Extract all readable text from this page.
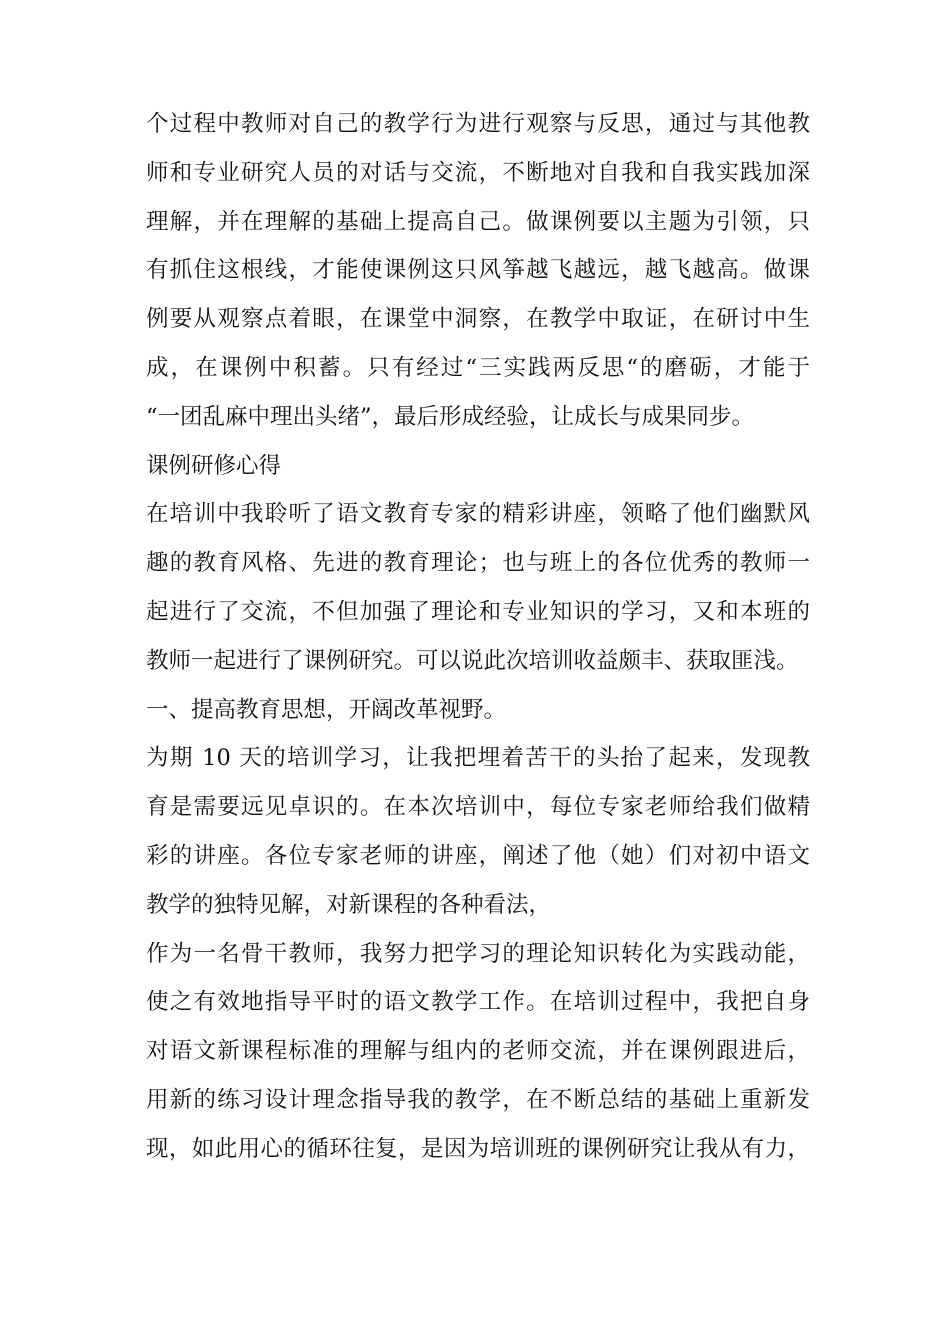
个过程中教师对自己的教学行为进行观察与反思，通过与其他教
师和专业研究人员的对话与交流，不断地对自我和自我实践加深
理解，并在理解的基础上提高自己。做课例要以主题为引领，只
有抓住这根线，才能使课例这只风筝越飞越远，越飞越高。做课
例要从观察点着眼，在课堂中洞察，在教学中取证，在研讨中生
成，在课例中积蓄。只有经过“三实践两反思“的磨砺，才能于
“一团乱麻中理出头绪”，最后形成经验，让成长与成果同步。
课例研修心得
在培训中我聆听了语文教育专家的精彩讲座，领略了他们幽默风
趣的教育风格、先进的教育理论；也与班上的各位优秀的教师一
起进行了交流，不但加强了理论和专业知识的学习，又和本班的
教师一起进行了课例研究。可以说此次培训收益颇丰、获取匪浅。
一、提高教育思想，开阔改革视野。
为期 10 天的培训学习，让我把埋着苦干的头抬了起来，发现教
育是需要远见卓识的。在本次培训中，每位专家老师给我们做精
彩的讲座。各位专家老师的讲座，阐述了他（她）们对初中语文
教学的独特见解，对新课程的各种看法，
作为一名骨干教师，我努力把学习的理论知识转化为实践动能，
使之有效地指导平时的语文教学工作。在培训过程中，我把自身
对语文新课程标准的理解与组内的老师交流，并在课例跟进后，
用新的练习设计理念指导我的教学，在不断总结的基础上重新发
现，如此用心的循环往复，是因为培训班的课例研究让我从有力，
